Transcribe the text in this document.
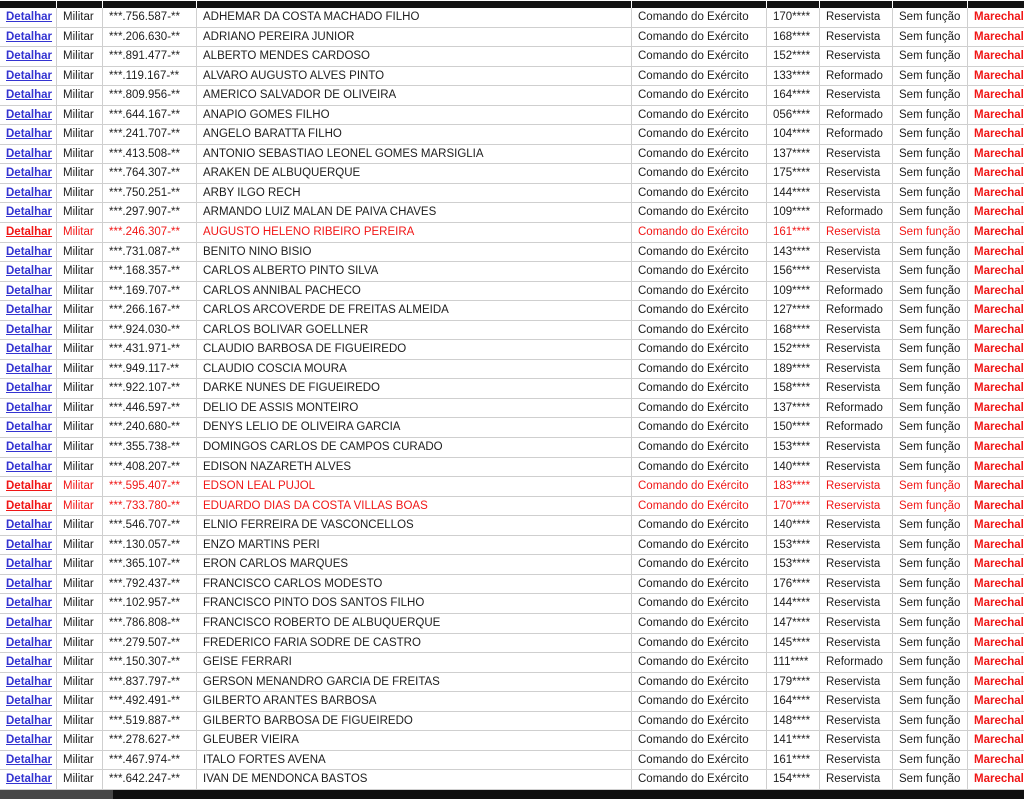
Detalhar Militar	***.756.587-**	ADHEMAR DA COSTA MACHADO FILHO	Comando do Exército	170****	Reservista	Sem função	Marechal
Detalhar Militar	***.206.630-**	ADRIANO PEREIRA JUNIOR	Comando do Exército	168****	Reservista	Sem função	Marechal
Detalhar Militar	***.891.477-**	ALBERTO MENDES CARDOSO	Comando do Exército	152****	Reservista	Sem função	Marechal
Detalhar Militar	***.119.167-**	ALVARO AUGUSTO ALVES PINTO	Comando do Exército	133****	Reformado	Sem função	Marechal
Detalhar Militar	***.809.956-**	AMERICO SALVADOR DE OLIVEIRA	Comando do Exército	164****	Reservista	Sem função	Marechal
Detalhar Militar	***.644.167-**	ANAPIO GOMES FILHO	Comando do Exército	056****	Reformado	Sem função	Marechal
Detalhar Militar	***.241.707-**	ANGELO BARATTA FILHO	Comando do Exército	104****	Reformado	Sem função	Marechal
Detalhar Militar	***.413.508-**	ANTONIO SEBASTIAO LEONEL GOMES MARSIGLIA	Comando do Exército	137****	Reservista	Sem função	Marechal
Detalhar Militar	***.764.307-**	ARAKEN DE ALBUQUERQUE	Comando do Exército	175****	Reservista	Sem função	Marechal
Detalhar Militar	***.750.251-**	ARBY ILGO RECH	Comando do Exército	144****	Reservista	Sem função	Marechal
Detalhar Militar	***.297.907-**	ARMANDO LUIZ MALAN DE PAIVA CHAVES	Comando do Exército	109****	Reformado	Sem função	Marechal
Detalhar Militar	***.246.307-**	AUGUSTO HELENO RIBEIRO PEREIRA	Comando do Exército	161****	Reservista	Sem função	Marechal
Detalhar Militar	***.731.087-**	BENITO NINO BISIO	Comando do Exército	143****	Reservista	Sem função	Marechal
Detalhar Militar	***.168.357-**	CARLOS ALBERTO PINTO SILVA	Comando do Exército	156****	Reservista	Sem função	Marechal
Detalhar Militar	***.169.707-**	CARLOS ANNIBAL PACHECO	Comando do Exército	109****	Reformado	Sem função	Marechal
Detalhar Militar	***.266.167-**	CARLOS ARCOVERDE DE FREITAS ALMEIDA	Comando do Exército	127****	Reformado	Sem função	Marechal
Detalhar Militar	***.924.030-**	CARLOS BOLIVAR GOELLNER	Comando do Exército	168****	Reservista	Sem função	Marechal
Detalhar Militar	***.431.971-**	CLAUDIO BARBOSA DE FIGUEIREDO	Comando do Exército	152****	Reservista	Sem função	Marechal
Detalhar Militar	***.949.117-**	CLAUDIO COSCIA MOURA	Comando do Exército	189****	Reservista	Sem função	Marechal
Detalhar Militar	***.922.107-**	DARKE NUNES DE FIGUEIREDO	Comando do Exército	158****	Reservista	Sem função	Marechal
Detalhar Militar	***.446.597-**	DELIO DE ASSIS MONTEIRO	Comando do Exército	137****	Reformado	Sem função	Marechal
Detalhar Militar	***.240.680-**	DENYS LELIO DE OLIVEIRA GARCIA	Comando do Exército	150****	Reformado	Sem função	Marechal
Detalhar Militar	***.355.738-**	DOMINGOS CARLOS DE CAMPOS CURADO	Comando do Exército	153****	Reservista	Sem função	Marechal
Detalhar Militar	***.408.207-**	EDISON NAZARETH ALVES	Comando do Exército	140****	Reservista	Sem função	Marechal
Detalhar Militar	***.595.407-**	EDSON LEAL PUJOL	Comando do Exército	183****	Reservista	Sem função	Marechal
Detalhar Militar	***.733.780-**	EDUARDO DIAS DA COSTA VILLAS BOAS	Comando do Exército	170****	Reservista	Sem função	Marechal
Detalhar Militar	***.546.707-**	ELNIO FERREIRA DE VASCONCELLOS	Comando do Exército	140****	Reservista	Sem função	Marechal
Detalhar Militar	***.130.057-**	ENZO MARTINS PERI	Comando do Exército	153****	Reservista	Sem função	Marechal
Detalhar Militar	***.365.107-**	ERON CARLOS MARQUES	Comando do Exército	153****	Reservista	Sem função	Marechal
Detalhar Militar	***.792.437-**	FRANCISCO CARLOS MODESTO	Comando do Exército	176****	Reservista	Sem função	Marechal
Detalhar Militar	***.102.957-**	FRANCISCO PINTO DOS SANTOS FILHO	Comando do Exército	144****	Reservista	Sem função	Marechal
Detalhar Militar	***.786.808-**	FRANCISCO ROBERTO DE ALBUQUERQUE	Comando do Exército	147****	Reservista	Sem função	Marechal
Detalhar Militar	***.279.507-**	FREDERICO FARIA SODRE DE CASTRO	Comando do Exército	145****	Reservista	Sem função	Marechal
Detalhar Militar	***.150.307-**	GEISE FERRARI	Comando do Exército	111****	Reformado	Sem função	Marechal
Detalhar Militar	***.837.797-**	GERSON MENANDRO GARCIA DE FREITAS	Comando do Exército	179****	Reservista	Sem função	Marechal
Detalhar Militar	***.492.491-**	GILBERTO ARANTES BARBOSA	Comando do Exército	164****	Reservista	Sem função	Marechal
Detalhar Militar	***.519.887-**	GILBERTO BARBOSA DE FIGUEIREDO	Comando do Exército	148****	Reservista	Sem função	Marechal
Detalhar Militar	***.278.627-**	GLEUBER VIEIRA	Comando do Exército	141****	Reservista	Sem função	Marechal
Detalhar Militar	***.467.974-**	ITALO FORTES AVENA	Comando do Exército	161****	Reservista	Sem função	Marechal
Detalhar Militar	***.642.247-**	IVAN DE MENDONCA BASTOS	Comando do Exército	154****	Reservista	Sem função	Marechal
